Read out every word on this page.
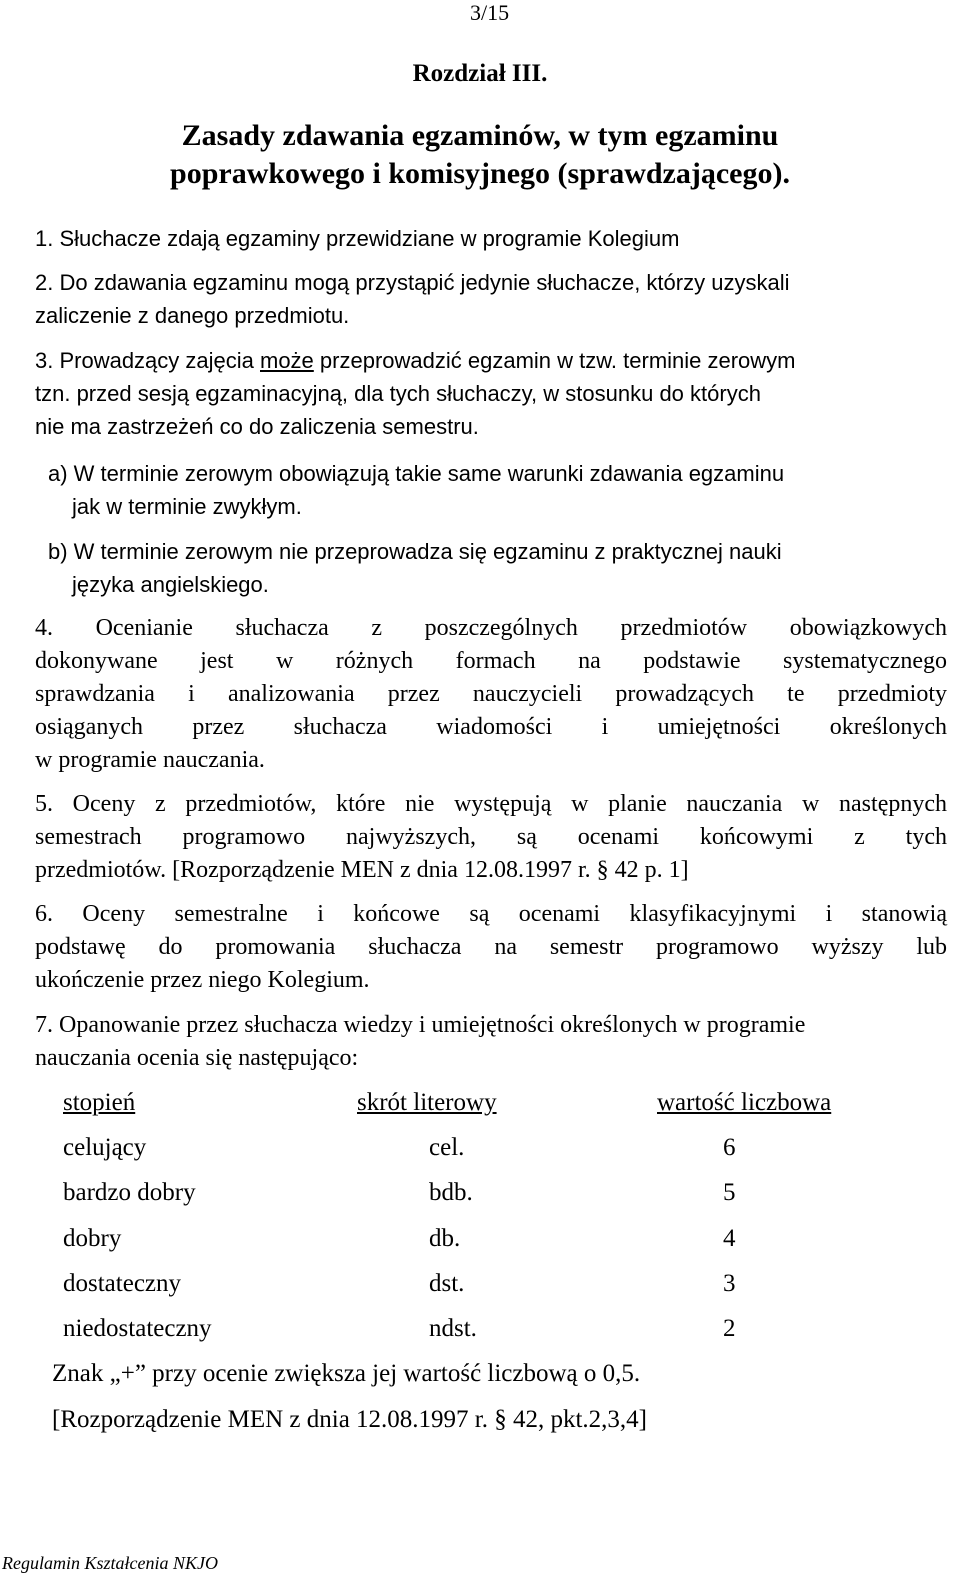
3/15
Rozdział III.
Zasady zdawania egzaminów, w tym egzaminu
poprawkowego i komisyjnego (sprawdzającego).
1. Słuchacze zdają egzaminy przewidziane w programie Kolegium
2. Do zdawania egzaminu mogą przystąpić jedynie słuchacze, którzy uzyskali
zaliczenie z danego przedmiotu.
3. Prowadzący zajęcia może przeprowadzić egzamin w tzw. terminie zerowym
tzn. przed sesją egzaminacyjną, dla tych słuchaczy, w stosunku do których
nie ma zastrzeżeń co do zaliczenia semestru.
a) W terminie zerowym obowiązują takie same warunki zdawania egzaminu
jak w terminie zwykłym.
b) W terminie zerowym nie przeprowadza się egzaminu z praktycznej nauki
języka angielskiego.
4. Ocenianie słuchacza z poszczególnych przedmiotów obowiązkowych
dokonywane jest w różnych formach na podstawie systematycznego
sprawdzania i analizowania przez nauczycieli prowadzących te przedmioty
osiąganych przez słuchacza wiadomości i umiejętności określonych
w programie nauczania.
5. Oceny z przedmiotów, które nie występują w planie nauczania w następnych
semestrach programowo najwyższych, są ocenami końcowymi z tych
przedmiotów. [Rozporządzenie MEN z dnia 12.08.1997 r. § 42 p. 1]
6. Oceny semestralne i końcowe są ocenami klasyfikacyjnymi i stanowią
podstawę do promowania słuchacza na semestr programowo wyższy lub
ukończenie przez niego Kolegium.
7. Opanowanie przez słuchacza wiedzy i umiejętności określonych w programie
nauczania ocenia się następująco:
stopień	skrót literowy	wartość liczbowa
celujący	cel.	6
bardzo dobry	bdb.	5
dobry	db.	4
dostateczny	dst.	3
niedostateczny	ndst.	2
Znak „+” przy ocenie zwiększa jej wartość liczbową o 0,5.
[Rozporządzenie MEN z dnia 12.08.1997 r. § 42, pkt.2,3,4]
Regulamin Kształcenia NKJO
